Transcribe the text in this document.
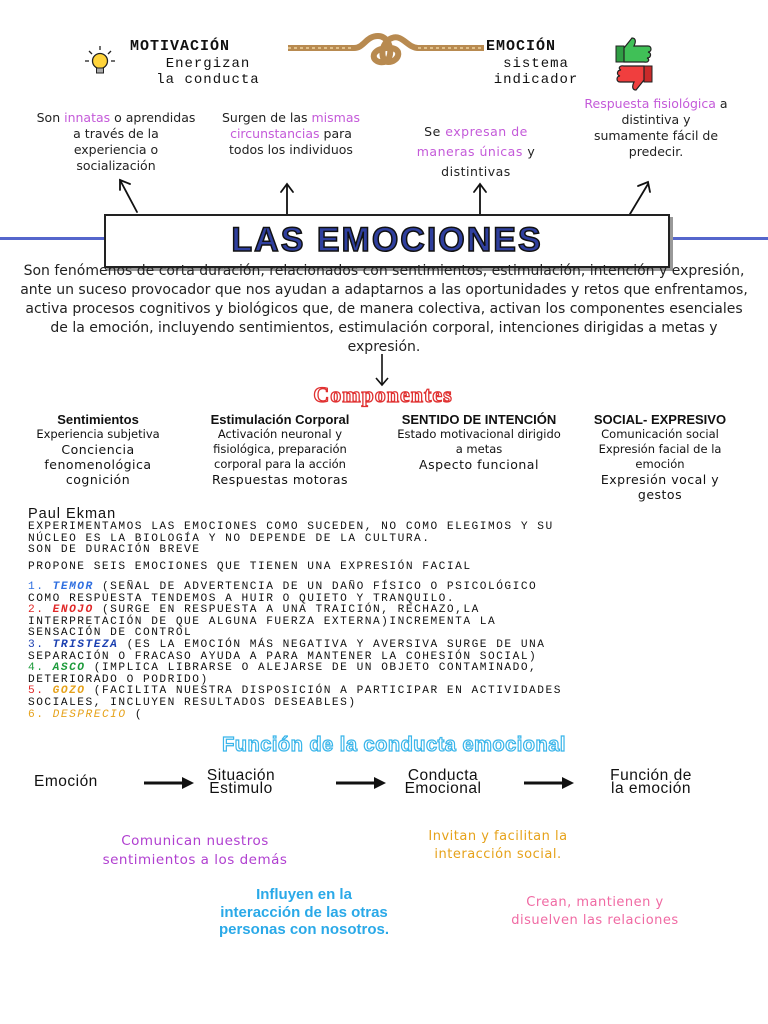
MOTIVACIÓN
Energizan
la conducta
EMOCIÓN
sistema
indicador
Son innatas o aprendidas a través de la experiencia o socialización
Surgen de las mismas circunstancias para todos los individuos
Se expresan de maneras únicas y distintivas
Respuesta fisiológica a distintiva y sumamente fácil de predecir.
LAS EMOCIONES
Son fenómenos de corta duración, relacionados con sentimientos, estimulación, intención y expresión, ante un suceso provocador que nos ayudan a adaptarnos a las oportunidades y retos que enfrentamos, activa procesos cognitivos y biológicos que, de manera colectiva, activan los componentes esenciales de la emoción, incluyendo sentimientos, estimulación corporal, intenciones dirigidas a metas y expresión.
Componentes
Sentimientos
Experiencia subjetiva
Conciencia
fenomenológica
cognición
Estimulación Corporal
Activación neuronal y
fisiológica, preparación
corporal para la acción
Respuestas motoras
SENTIDO DE INTENCIÓN
Estado motivacional dirigido
a metas
Aspecto funcional
SOCIAL- EXPRESIVO
Comunicación social
Expresión facial de la
emoción
Expresión vocal y
gestos
Paul Ekman
EXPERIMENTAMOS LAS EMOCIONES COMO SUCEDEN, NO COMO ELEGIMOS Y SU
NÚCLEO ES LA BIOLOGÍA Y NO DEPENDE DE LA CULTURA.
SON DE DURACIÓN BREVE
PROPONE SEIS EMOCIONES QUE TIENEN UNA EXPRESIÓN FACIAL
1. TEMOR (SEÑAL DE ADVERTENCIA DE UN DAÑO FÍSICO O PSICOLÓGICO
COMO RESPUESTA TENDEMOS A HUIR O QUIETO Y TRANQUILO.
2. ENOJO (SURGE EN RESPUESTA A UNA TRAICIÓN, RECHAZO,LA
INTERPRETACIÓN DE QUE ALGUNA FUERZA EXTERNA)INCREMENTA LA
SENSACIÓN DE CONTROL
3. TRISTEZA (ES LA EMOCIÓN MÁS NEGATIVA Y AVERSIVA SURGE DE UNA
SEPARACIÓN O FRACASO AYUDA A PARA MANTENER LA COHESIÓN SOCIAL)
4. ASCO (IMPLICA LIBRARSE O ALEJARSE DE UN OBJETO CONTAMINADO,
DETERIORADO O PODRIDO)
5. GOZO (FACILITA NUESTRA DISPOSICIÓN A PARTICIPAR EN ACTIVIDADES
SOCIALES, INCLUYEN RESULTADOS DESEABLES)
6. DESPRECIO (
Función de la conducta emocional
Emoción	Situación
Estimulo
Conducta
Emocional
Función de
la emoción
Comunican nuestros sentimientos a los demás
Influyen en la interacción de las otras personas con nosotros.
Invitan y facilitan la interacción social.
Crean, mantienen y disuelven las relaciones
